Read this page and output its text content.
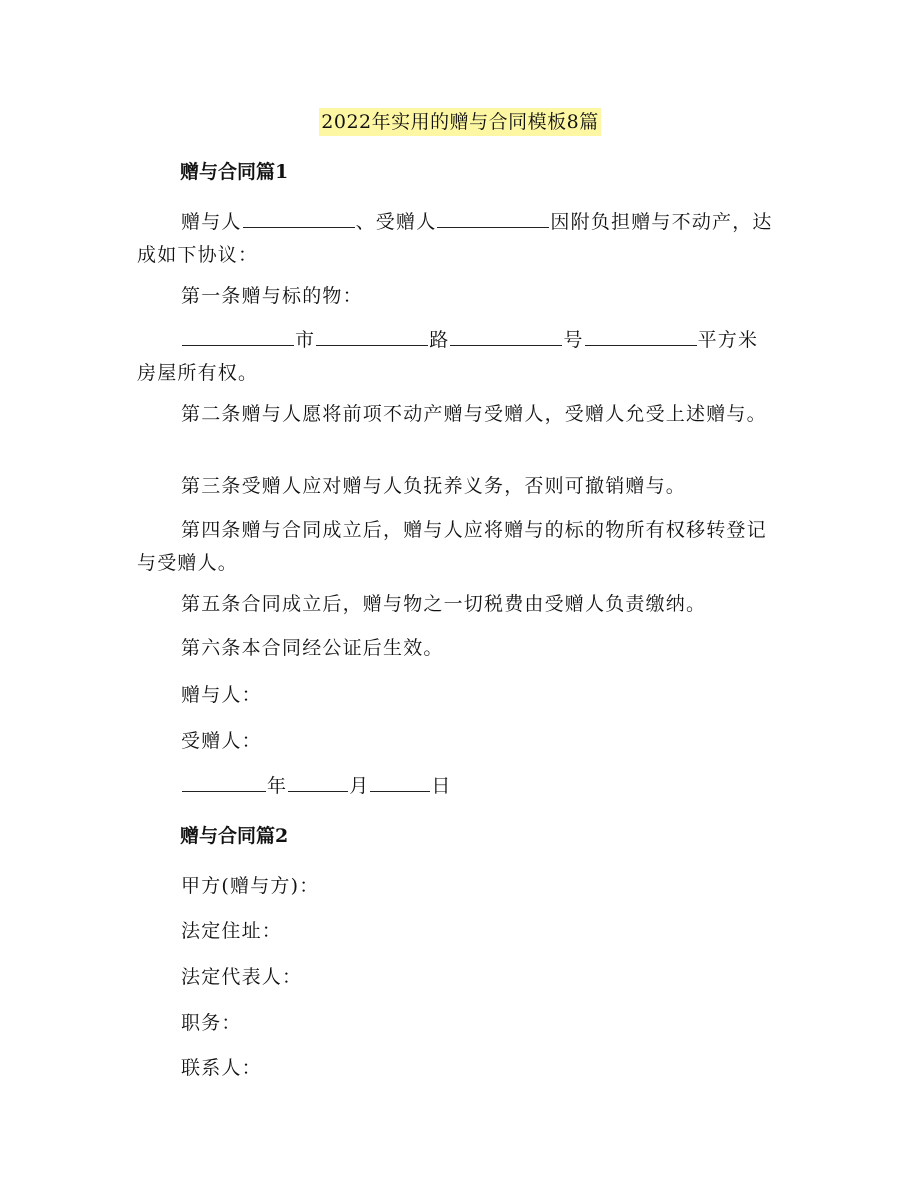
2022年实用的赠与合同模板8篇
赠与合同篇1

赠与人	、受赠人	因附负担赠与不动产，达成如下协议：

第一条赠与标的物：

市	路	号	平方米房屋所有权。

第二条赠与人愿将前项不动产赠与受赠人，受赠人允受上述赠与。

第三条受赠人应对赠与人负抚养义务，否则可撤销赠与。

第四条赠与合同成立后，赠与人应将赠与的标的物所有权移转登记与受赠人。

第五条合同成立后，赠与物之一切税费由受赠人负责缴纳。
第六条本合同经公证后生效。
赠与人：
受赠人：
年	月	日
赠与合同篇2
甲方(赠与方)：
法定住址：
法定代表人：
职务：
联系人：
